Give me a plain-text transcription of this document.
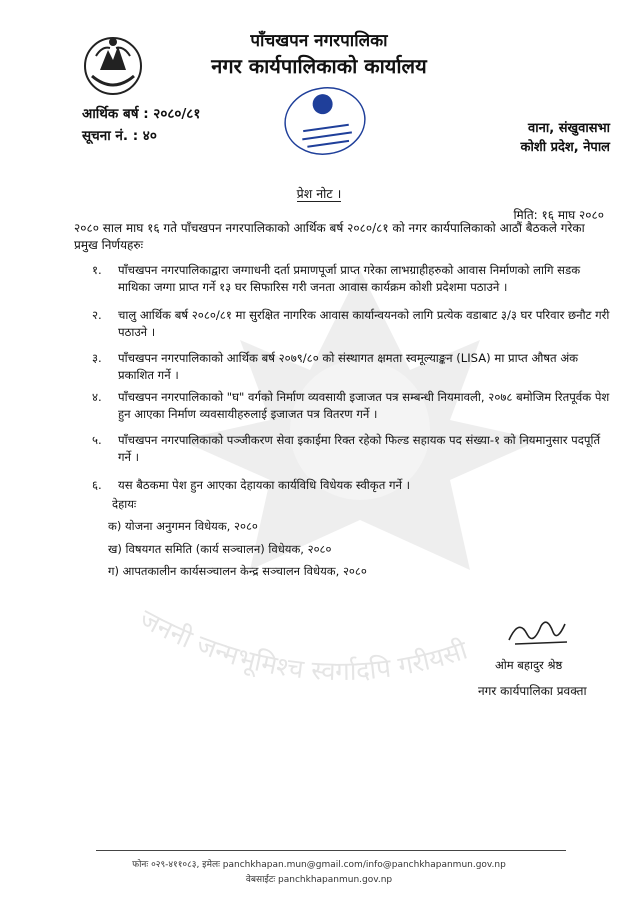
जननी जन्मभूमिश्च स्वर्गादपि गरीयसी
पाँचखपन नगरपालिका
नगर कार्यपालिकाको कार्यालय
आर्थिक बर्ष : २०८०/८१
सूचना नं. : ४०	वाना, संखुवासभा
कोशी प्रदेश, नेपाल
प्रेश नोट ।
मिति: १६ माघ २०८०
२०८० साल माघ १६ गते पाँचखपन नगरपालिकाको आर्थिक बर्ष २०८०/८१ को नगर कार्यपालिकाको आठौं बैठकले गरेका प्रमुख निर्णयहरुः
१. पाँचखपन नगरपालिकाद्वारा जग्गाधनी दर्ता प्रमाणपूर्जा प्राप्त गरेका लाभग्राहीहरुको आवास निर्माणको लागि सडक माथिका जग्गा प्राप्त गर्ने १३ घर सिफारिस गरी जनता आवास कार्यक्रम कोशी प्रदेशमा पठाउने ।
२. चालु आर्थिक बर्ष २०८०/८१ मा सुरक्षित नागरिक आवास कार्यान्वयनको लागि प्रत्येक वडाबाट ३/३ घर परिवार छनौट गरी पठाउने ।
३. पाँचखपन नगरपालिकाको आर्थिक बर्ष २०७९/८० को संस्थागत क्षमता स्वमूल्याङ्कन (LISA) मा प्राप्त औषत अंक प्रकाशित गर्ने ।
४. पाँचखपन नगरपालिकाको "घ" वर्गको निर्माण व्यवसायी इजाजत पत्र सम्बन्धी नियमावली, २०७८ बमोजिम रितपूर्वक पेश हुन आएका निर्माण व्यवसायीहरुलाई इजाजत पत्र वितरण गर्ने ।
५. पाँचखपन नगरपालिकाको पञ्जीकरण सेवा इकाईमा रिक्त रहेको फिल्ड सहायक पद संख्या-१ को नियमानुसार पदपूर्ति गर्ने ।
६. यस बैठकमा पेश हुन आएका देहायका कार्यविधि विधेयक स्वीकृत गर्ने ।
देहायः
क) योजना अनुगमन विधेयक, २०८०
ख) विषयगत समिति (कार्य सञ्चालन) विधेयक, २०८०
ग) आपतकालीन कार्यसञ्चालन केन्द्र सञ्चालन विधेयक, २०८०
ओम बहादुर श्रेष्ठ
नगर कार्यपालिका प्रवक्ता
फोनः ०२९-४११०८३, इमेलः panchkhapan.mun@gmail.com/info@panchkhapanmun.gov.np
वेबसाईटः panchkhapanmun.gov.np
